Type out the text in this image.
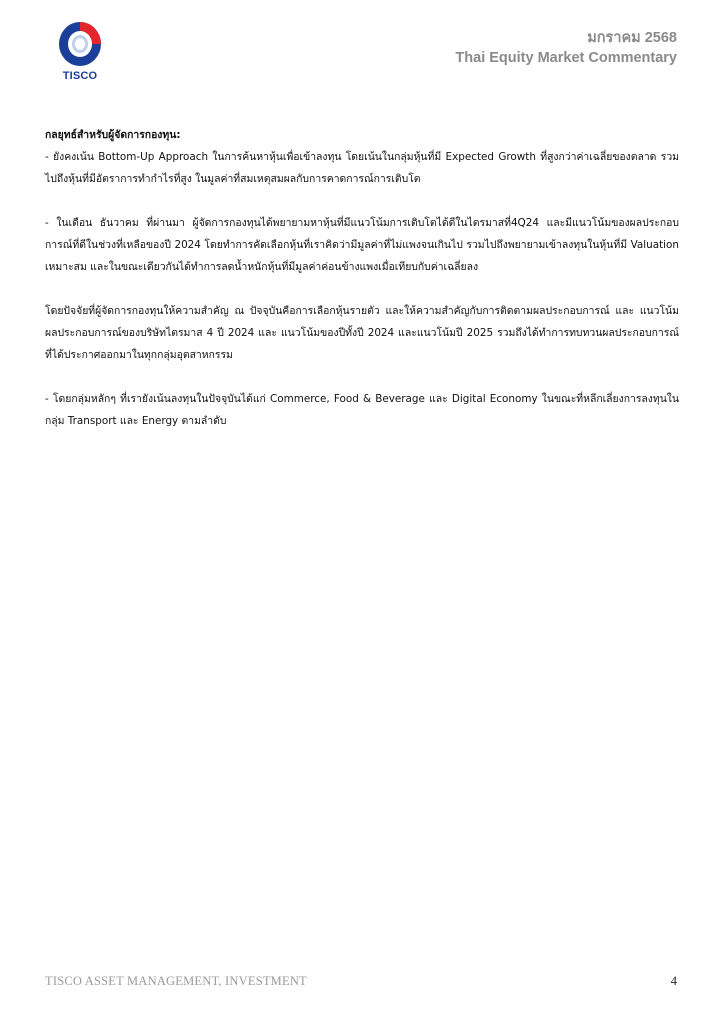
TISCO
มกราคม 2568
Thai Equity Market Commentary

กลยุทธ์สำหรับผู้จัดการกองทุน:

- ยังคงเน้น Bottom-Up Approach ในการค้นหาหุ้นเพื่อเข้าลงทุน โดยเน้นในกลุ่มหุ้นที่มี Expected Growth ที่สูงกว่าค่าเฉลี่ยของตลาด รวมไปถึงหุ้นที่มีอัตราการทำกำไรที่สูง ในมูลค่าที่สมเหตุสมผลกับการคาดการณ์การเติบโต

- ในเดือน ธันวาคม ที่ผ่านมา ผู้จัดการกองทุนได้พยายามหาหุ้นที่มีแนวโน้มการเติบโตได้ดีในไตรมาสที่4Q24 และมีแนวโน้มของผลประกอบการณ์ที่ดีในช่วงที่เหลือของปี 2024 โดยทำการคัดเลือกหุ้นที่เราคิดว่ามีมูลค่าที่ไม่แพงจนเกินไป รวมไปถึงพยายามเข้าลงทุนในหุ้นที่มี Valuation เหมาะสม และในขณะเดียวกันได้ทำการลดน้ำหนักหุ้นที่มีมูลค่าค่อนข้างแพงเมื่อเทียบกับค่าเฉลี่ยลง

โดยปัจจัยที่ผู้จัดการกองทุนให้ความสำคัญ ณ ปัจจุบันคือการเลือกหุ้นรายตัว และให้ความสำคัญกับการติดตามผลประกอบการณ์ และ แนวโน้มผลประกอบการณ์ของบริษัทไตรมาส 4 ปี 2024 และ แนวโน้มของปีทั้งปี 2024 และแนวโน้มปี 2025 รวมถึงได้ทำการทบทวนผลประกอบการณ์ที่ได้ประกาศออกมาในทุกกลุ่มอุตสาหกรรม

- โดยกลุ่มหลักๆ ที่เรายังเน้นลงทุนในปัจจุบันได้แก่ Commerce, Food & Beverage และ Digital Economy ในขณะที่หลีกเลี่ยงการลงทุนในกลุ่ม Transport และ Energy ตามลำดับ

TISCO ASSET MANAGEMENT, INVESTMENT	4
